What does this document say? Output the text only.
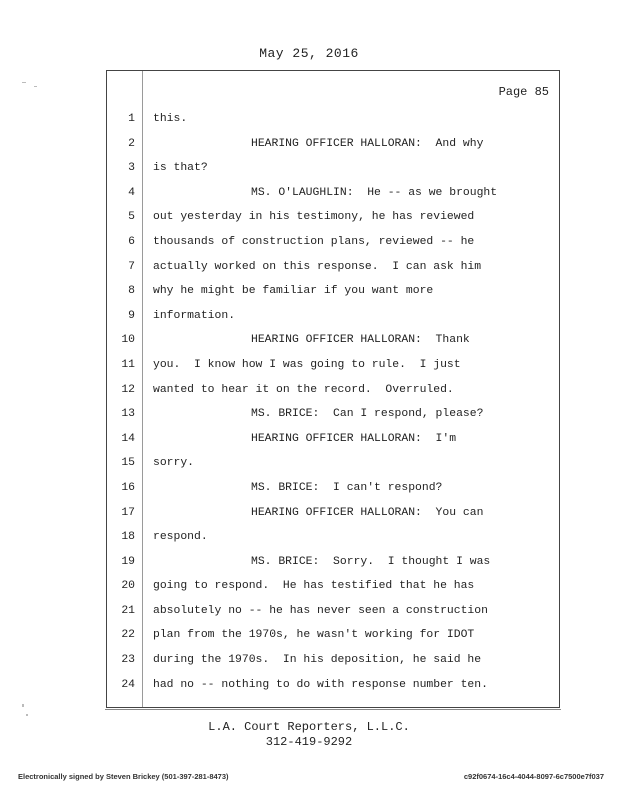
May 25, 2016
Page 85
1 this.
2	HEARING OFFICER HALLORAN:  And why
3 is that?
4	MS. O'LAUGHLIN:  He -- as we brought
5 out yesterday in his testimony, he has reviewed
6 thousands of construction plans, reviewed -- he
7 actually worked on this response.  I can ask him
8 why he might be familiar if you want more
9 information.
10	HEARING OFFICER HALLORAN:  Thank
11 you.  I know how I was going to rule.  I just
12 wanted to hear it on the record.  Overruled.
13	MS. BRICE:  Can I respond, please?
14	HEARING OFFICER HALLORAN:  I'm
15 sorry.
16	MS. BRICE:  I can't respond?
17	HEARING OFFICER HALLORAN:  You can
18 respond.
19	MS. BRICE:  Sorry.  I thought I was
20 going to respond.  He has testified that he has
21 absolutely no -- he has never seen a construction
22 plan from the 1970s, he wasn't working for IDOT
23 during the 1970s.  In his deposition, he said he
24 had no -- nothing to do with response number ten.
L.A. Court Reporters, L.L.C.
312-419-9292
Electronically signed by Steven Brickey (501-397-281-8473)	c92f0674-16c4-4044-8097-6c7500e7f037
